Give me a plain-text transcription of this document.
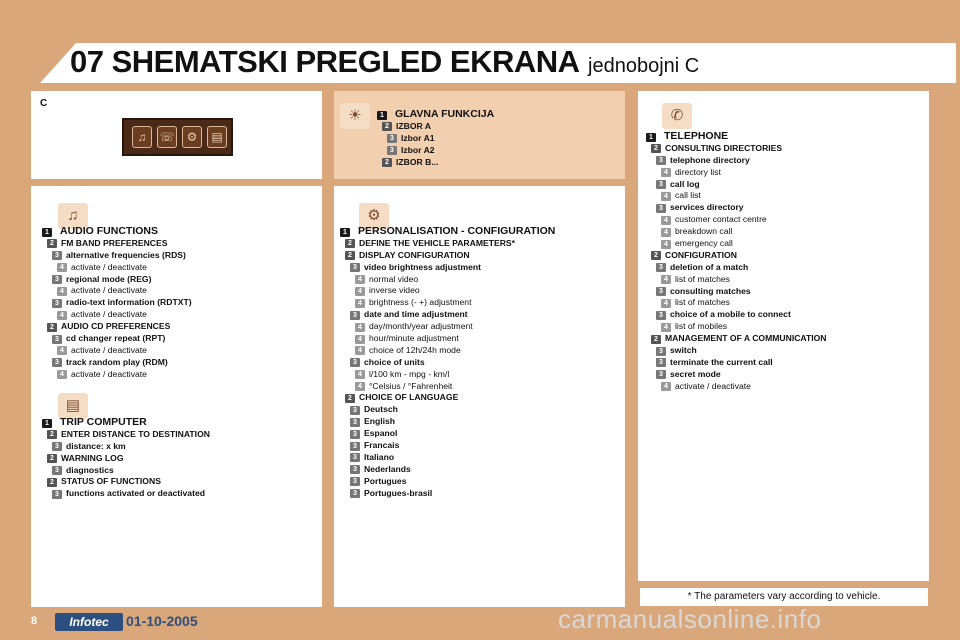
07 SHEMATSKI PREGLED EKRANA jednobojni C
C
♫	☏	⚙	▤
☀
♫
▤
⚙
✆
1 GLAVNA FUNKCIJA
2 IZBOR A
3 Izbor A1
3 Izbor A2
2 IZBOR B...
1 AUDIO FUNCTIONS
2 FM BAND PREFERENCES
3 alternative frequencies (RDS)
4 activate / deactivate
3 regional mode (REG)
4 activate / deactivate
3 radio-text information (RDTXT)
4 activate / deactivate
2 AUDIO CD PREFERENCES
3 cd changer repeat (RPT)
4 activate / deactivate
3 track random play (RDM)
4 activate / deactivate
1 TRIP COMPUTER
2 ENTER DISTANCE TO DESTINATION
3 distance: x km
2 WARNING LOG
3 diagnostics
2 STATUS OF FUNCTIONS
3 functions activated or deactivated
1 PERSONALISATION - CONFIGURATION
2 DEFINE THE VEHICLE PARAMETERS*
2 DISPLAY CONFIGURATION
3 video brightness adjustment
4 normal video
4 inverse video
4 brightness (- +) adjustment
3 date and time adjustment
4 day/month/year adjustment
4 hour/minute adjustment
4 choice of 12h/24h mode
3 choice of units
4 l/100 km - mpg - km/l
4 °Celsius / °Fahrenheit
2 CHOICE OF LANGUAGE
3 Deutsch
3 English
3 Espanol
3 Francais
3 Italiano
3 Nederlands
3 Portugues
3 Portugues-brasil
1 TELEPHONE
2 CONSULTING DIRECTORIES
3 telephone directory
4 directory list
3 call log
4 call list
3 services directory
4 customer contact centre
4 breakdown call
4 emergency call
2 CONFIGURATION
3 deletion of a match
4 list of matches
3 consulting matches
4 list of matches
3 choice of a mobile to connect
4 list of mobiles
2 MANAGEMENT OF A COMMUNICATION
3 switch
3 terminate the current call
3 secret mode
4 activate / deactivate
* The parameters vary according to vehicle.
8	Infotec	01-10-2005	carmanualsonline.info
